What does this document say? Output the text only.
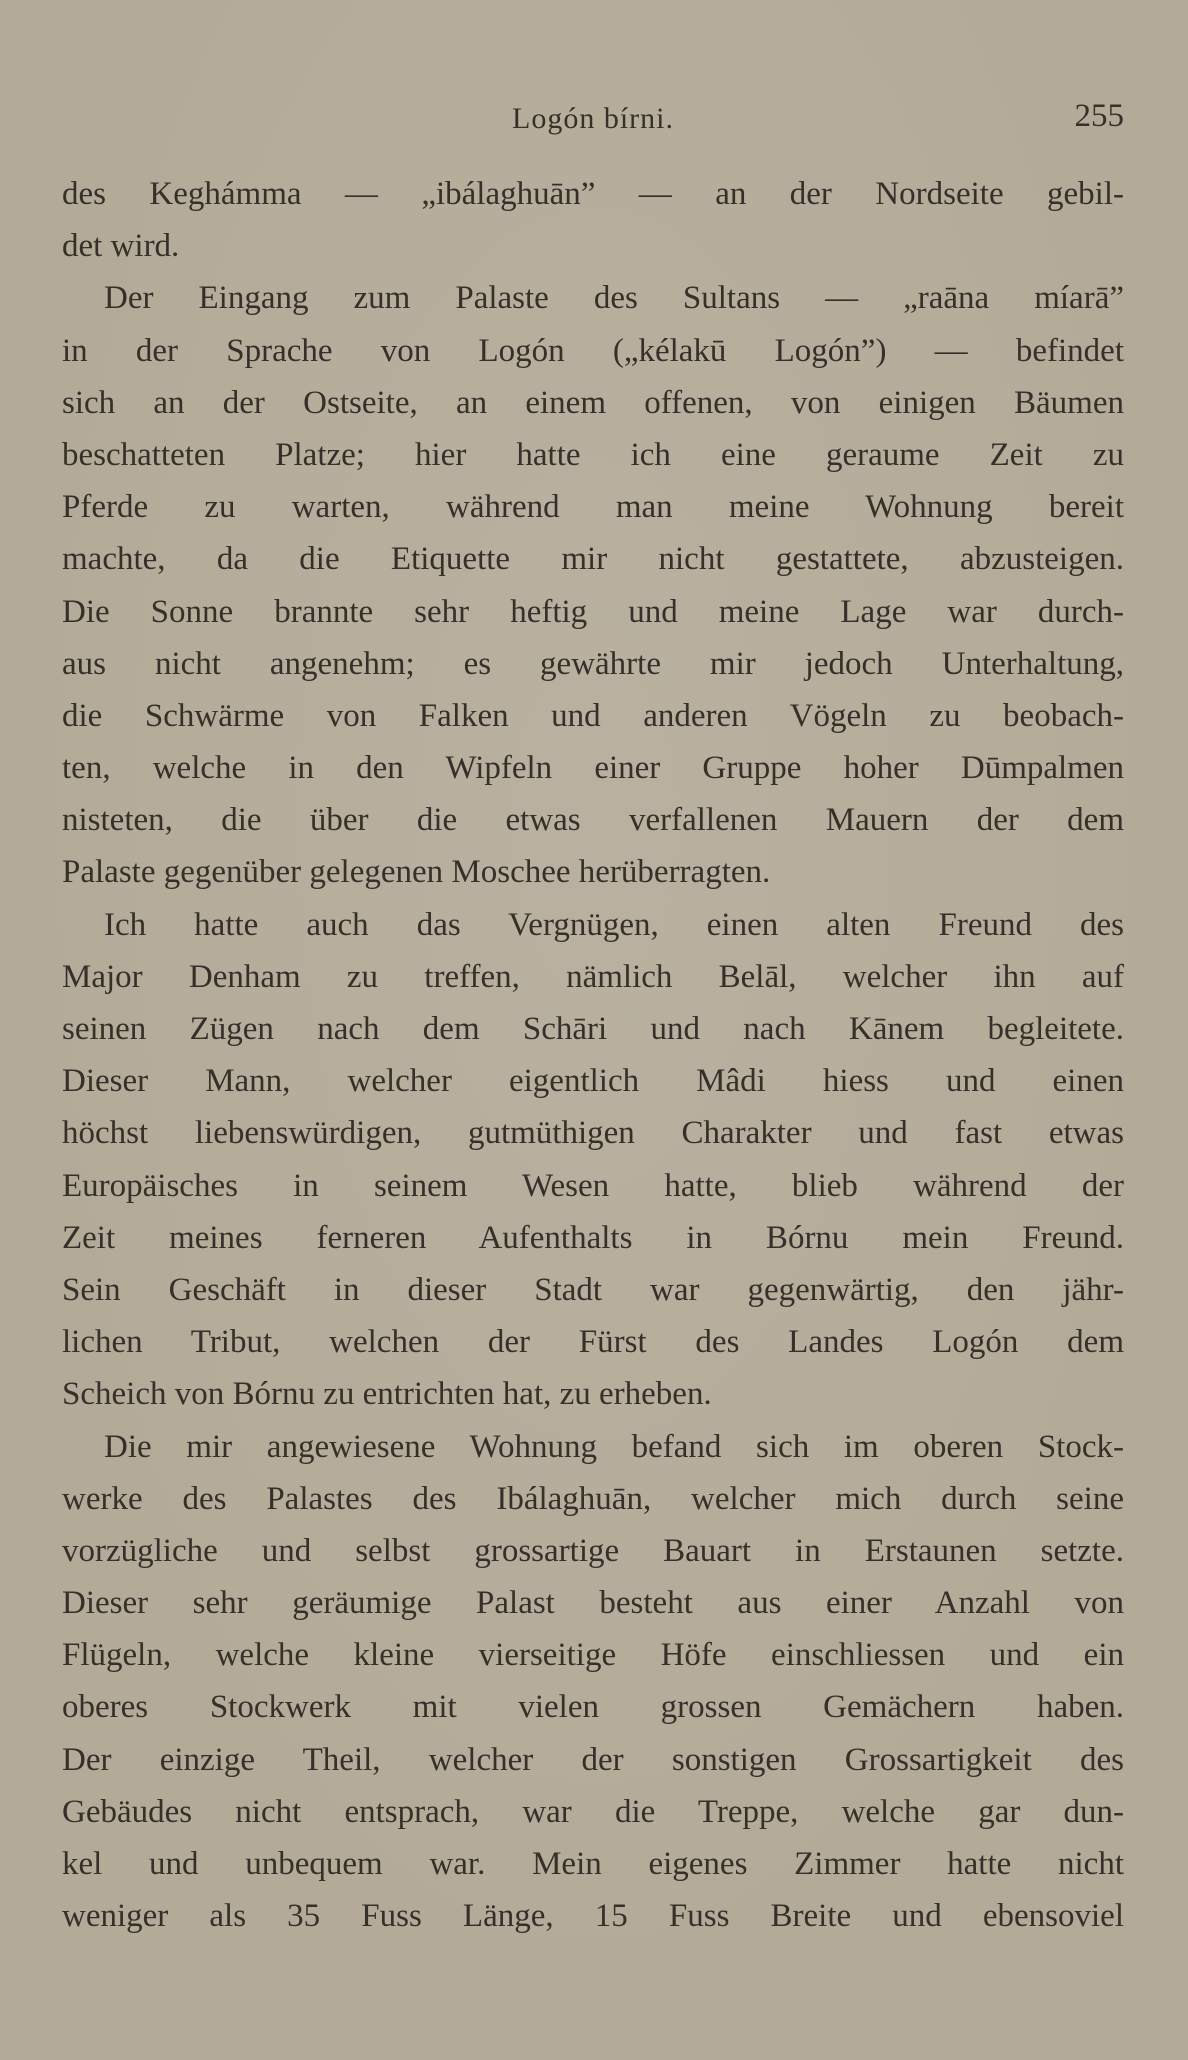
Logón bírni.	255
des Keghámma — „ibálaghuān” — an der Nordseite gebil-
det wird.
Der Eingang zum Palaste des Sultans — „raāna míarā”
in der Sprache von Logón („kélakū Logón”) — befindet
sich an der Ostseite, an einem offenen, von einigen Bäumen
beschatteten Platze; hier hatte ich eine geraume Zeit zu
Pferde zu warten, während man meine Wohnung bereit
machte, da die Etiquette mir nicht gestattete, abzusteigen.
Die Sonne brannte sehr heftig und meine Lage war durch-
aus nicht angenehm; es gewährte mir jedoch Unterhaltung,
die Schwärme von Falken und anderen Vögeln zu beobach-
ten, welche in den Wipfeln einer Gruppe hoher Dūmpalmen
nisteten, die über die etwas verfallenen Mauern der dem
Palaste gegenüber gelegenen Moschee herüberragten.
Ich hatte auch das Vergnügen, einen alten Freund des
Major Denham zu treffen, nämlich Belāl, welcher ihn auf
seinen Zügen nach dem Schāri und nach Kānem begleitete.
Dieser Mann, welcher eigentlich Mâdi hiess und einen
höchst liebenswürdigen, gutmüthigen Charakter und fast etwas
Europäisches in seinem Wesen hatte, blieb während der
Zeit meines ferneren Aufenthalts in Bórnu mein Freund.
Sein Geschäft in dieser Stadt war gegenwärtig, den jähr-
lichen Tribut, welchen der Fürst des Landes Logón dem
Scheich von Bórnu zu entrichten hat, zu erheben.
Die mir angewiesene Wohnung befand sich im oberen Stock-
werke des Palastes des Ibálaghuān, welcher mich durch seine
vorzügliche und selbst grossartige Bauart in Erstaunen setzte.
Dieser sehr geräumige Palast besteht aus einer Anzahl von
Flügeln, welche kleine vierseitige Höfe einschliessen und ein
oberes Stockwerk mit vielen grossen Gemächern haben.
Der einzige Theil, welcher der sonstigen Grossartigkeit des
Gebäudes nicht entsprach, war die Treppe, welche gar dun-
kel und unbequem war. Mein eigenes Zimmer hatte nicht
weniger als 35 Fuss Länge, 15 Fuss Breite und ebensoviel
